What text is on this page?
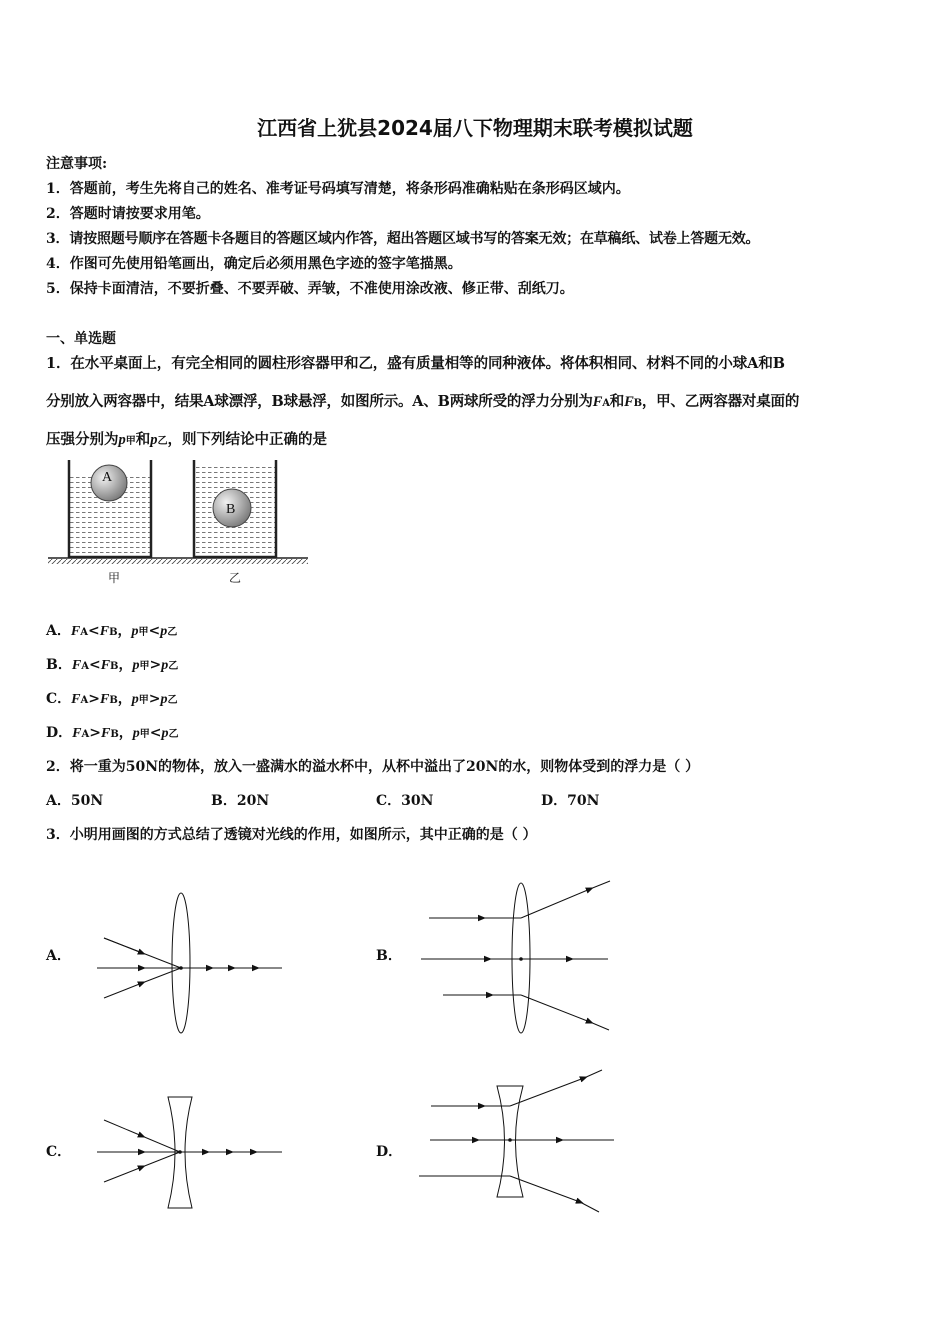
江西省上犹县2024届八下物理期末联考模拟试题
注意事项:
1．答题前，考生先将自己的姓名、准考证号码填写清楚，将条形码准确粘贴在条形码区域内。
2．答题时请按要求用笔。
3．请按照题号顺序在答题卡各题目的答题区域内作答，超出答题区域书写的答案无效；在草稿纸、试卷上答题无效。
4．作图可先使用铅笔画出，确定后必须用黑色字迹的签字笔描黑。
5．保持卡面清洁，不要折叠、不要弄破、弄皱，不准使用涂改液、修正带、刮纸刀。
一、单选题
1．在水平桌面上，有完全相同的圆柱形容器甲和乙，盛有质量相等的同种液体。将体积相同、材料不同的小球A和B
分别放入两容器中，结果A球漂浮，B球悬浮，如图所示。A、B两球所受的浮力分别为FA和FB，甲、乙两容器对桌面的
压强分别为p甲和p乙，则下列结论中正确的是
A
B
甲	乙
A．FA<FB，p甲<p乙
B．FA<FB，p甲>p乙
C．FA>FB，p甲>p乙
D．FA>FB，p甲<p乙
2．将一重为50N的物体，放入一盛满水的溢水杯中，从杯中溢出了20N的水，则物体受到的浮力是（ ）
A．50N	B．20N	C．30N	D．70N
3．小明用画图的方式总结了透镜对光线的作用，如图所示，其中正确的是（ ）
A．	B．
C．	D．
